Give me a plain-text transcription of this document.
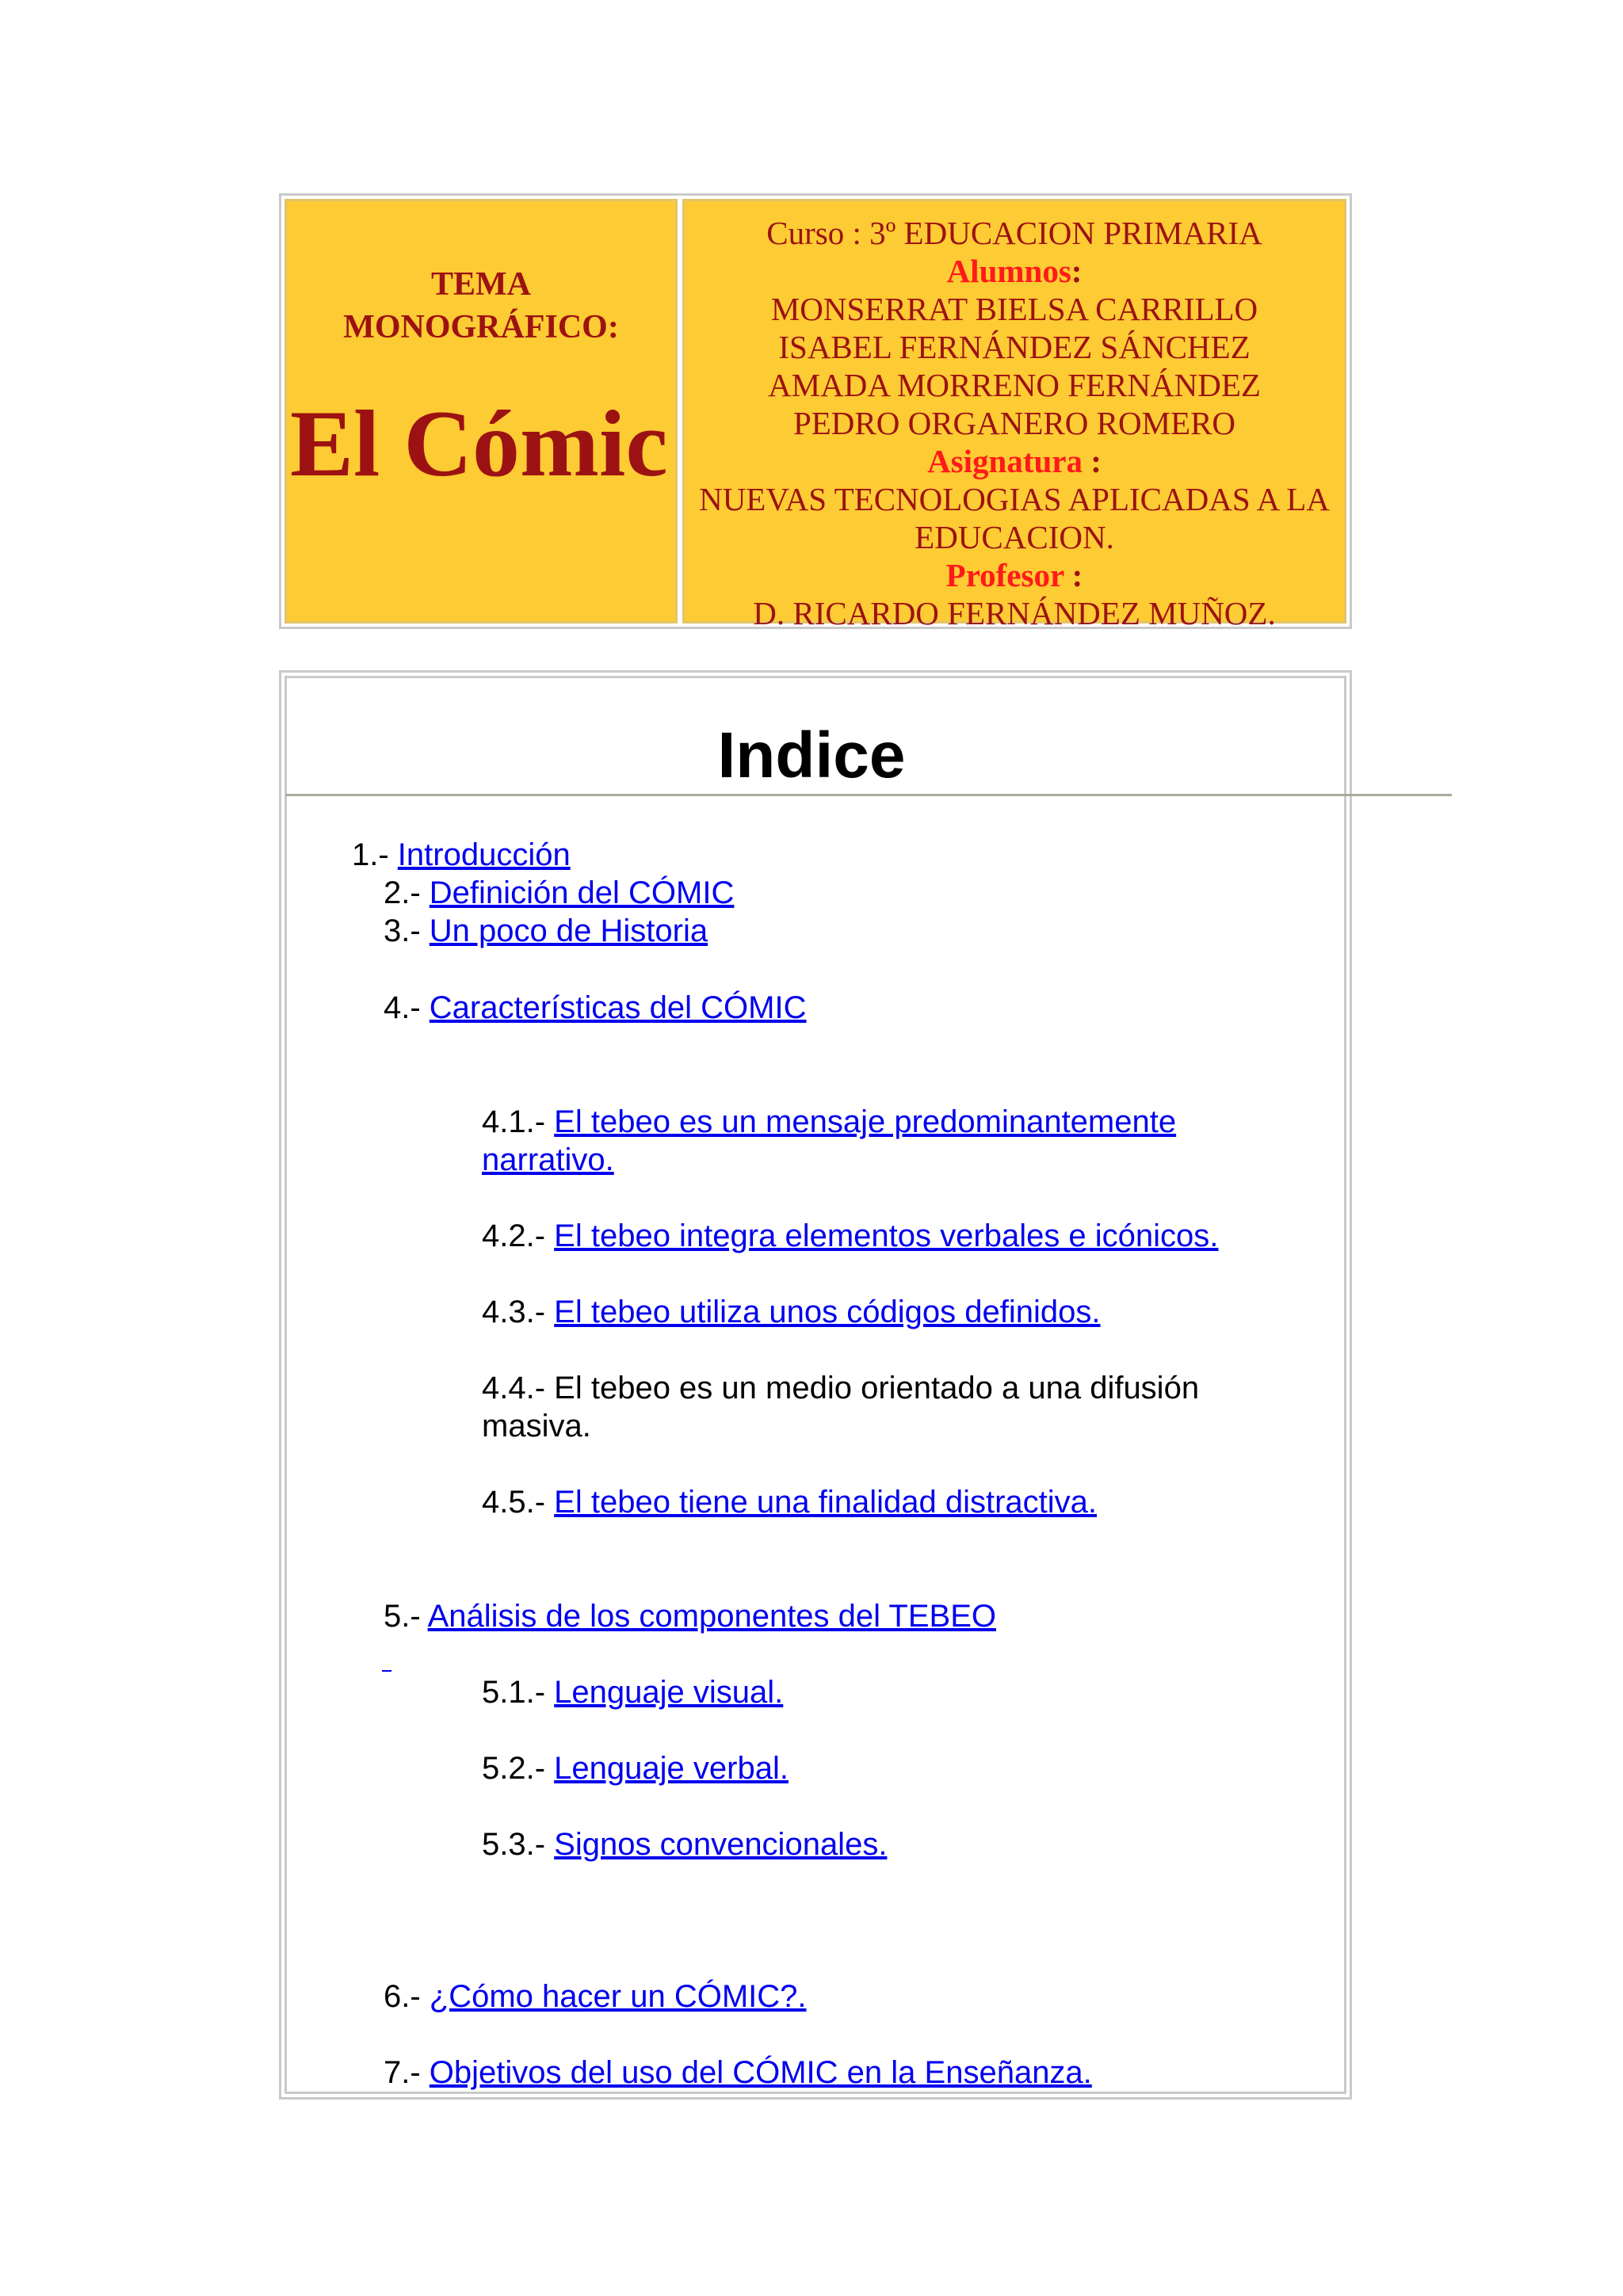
TEMA
MONOGRÁFICO:
El Cómic
Curso : 3º EDUCACION PRIMARIA
Alumnos:
MONSERRAT BIELSA CARRILLO
ISABEL FERNÁNDEZ SÁNCHEZ
AMADA MORRENO FERNÁNDEZ
PEDRO ORGANERO ROMERO
Asignatura :
NUEVAS TECNOLOGIAS APLICADAS A LA
EDUCACION.
Profesor :
D. RICARDO FERNÁNDEZ MUÑOZ.
Indice
1.- Introducción
2.- Definición del CÓMIC
3.- Un poco de Historia
4.- Características del CÓMIC
4.1.- El tebeo es un mensaje predominantemente
narrativo.
4.2.- El tebeo integra elementos verbales e icónicos.
4.3.- El tebeo utiliza unos códigos definidos.
4.4.- El tebeo es un medio orientado a una difusión
masiva.
4.5.- El tebeo tiene una finalidad distractiva.
5.- Análisis de los componentes del TEBEO
5.1.- Lenguaje visual.
5.2.- Lenguaje verbal.
5.3.- Signos convencionales.
6.- ¿Cómo hacer un CÓMIC?.
7.- Objetivos del uso del CÓMIC en la Enseñanza.
